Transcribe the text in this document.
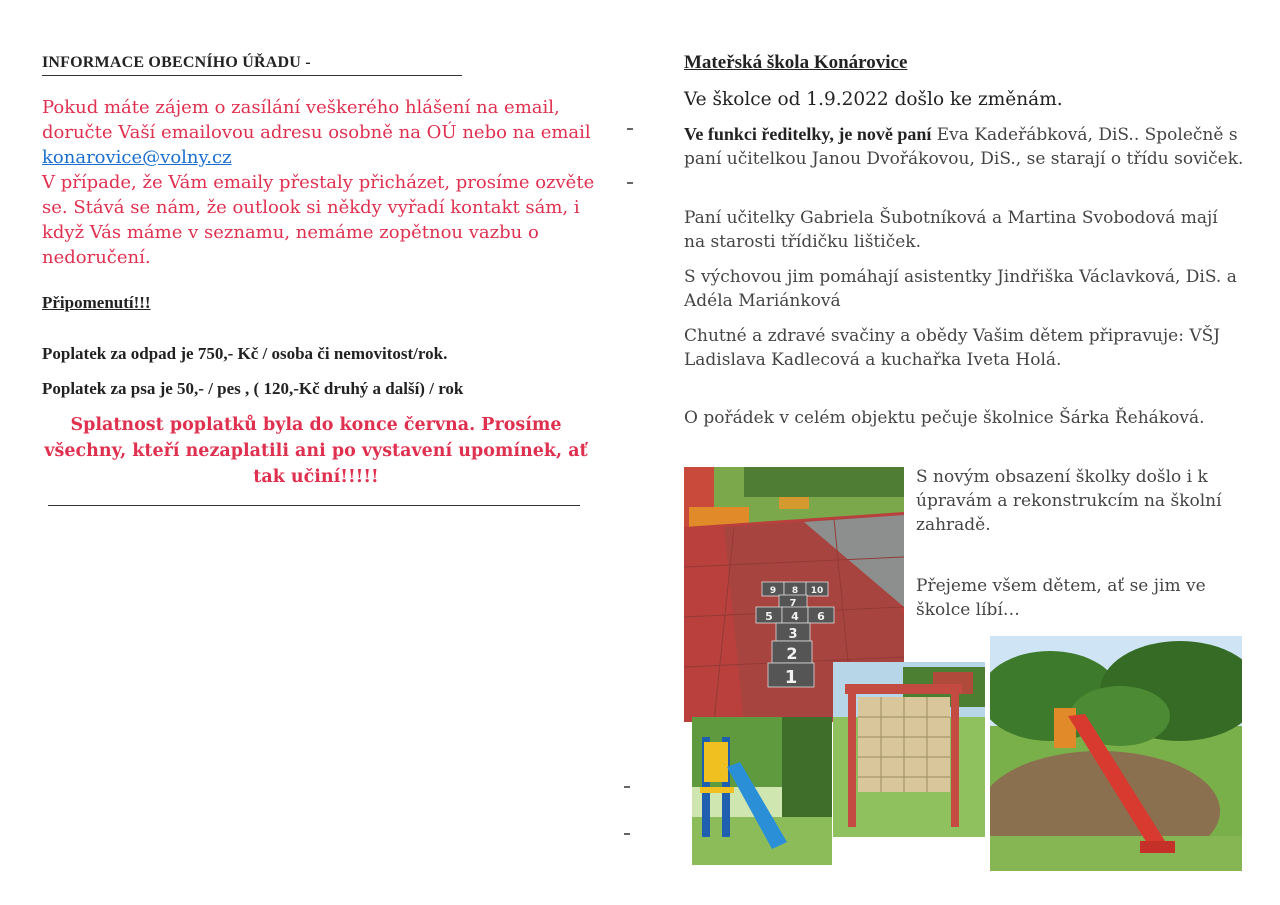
INFORMACE OBECNÍHO ÚŘADU -
Pokud máte zájem o zasílání veškerého hlášení na email, doručte Vaší emailovou adresu osobně na OÚ nebo na email konarovice@volny.cz
V případe, že Vám emaily přestaly přicházet, prosíme ozvěte se. Stává se nám, že outlook si někdy vyřadí kontakt sám, i když Vás máme v seznamu, nemáme zopětnou vazbu o nedoručení.
Připomenutí!!!
Poplatek za odpad je 750,- Kč / osoba či nemovitost/rok.
Poplatek za psa je 50,- / pes , ( 120,-Kč druhý a další) / rok
Splatnost poplatků byla do konce června. Prosíme všechny, kteří nezaplatili ani po vystavení upomínek, ať tak učiní!!!!!
Mateřská škola Konárovice
Ve školce od 1.9.2022 došlo ke změnám.
Ve funkci ředitelky, je nově paní Eva Kadeřábková, DiS.. Společně s paní učitelkou Janou Dvořákovou, DiS., se starají o třídu soviček.
Paní učitelky Gabriela Šubotníková a Martina Svobodová mají na starosti třídičku lištiček.
S výchovou jim pomáhají asistentky Jindřiška Václavková, DiS. a Adéla Mariánková
Chutné a zdravé svačiny a obědy Vašim dětem připravuje: VŠJ Ladislava Kadlecová a kuchařka Iveta Holá.
O pořádek v celém objektu pečuje školnice Šárka Řeháková.
S novým obsazení školky došlo i k úpravám a rekonstrukcím na školní zahradě.
Přejeme všem dětem, ať se jim ve školce líbí…
9 8 10
7
5 4 6
3
2
1
